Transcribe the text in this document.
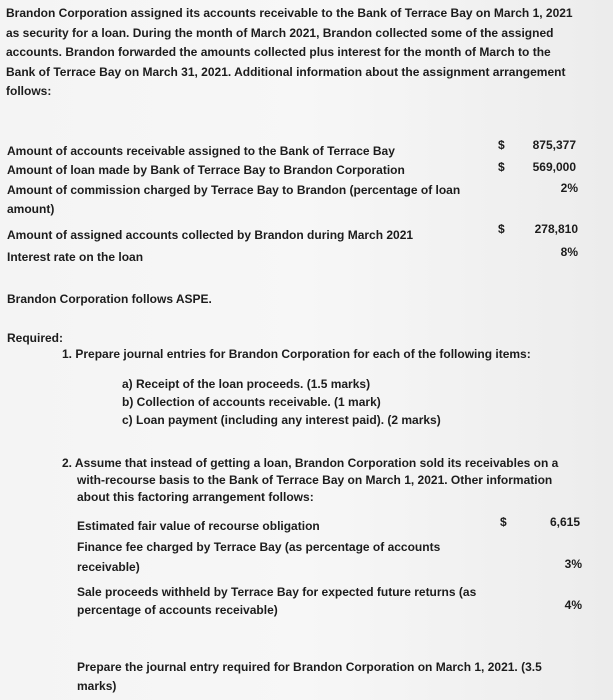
Brandon Corporation assigned its accounts receivable to the Bank of Terrace Bay on March 1, 2021
as security for a loan. During the month of March 2021, Brandon collected some of the assigned
accounts. Brandon forwarded the amounts collected plus interest for the month of March to the
Bank of Terrace Bay on March 31, 2021. Additional information about the assignment arrangement
follows:
Amount of accounts receivable assigned to the Bank of Terrace Bay	$ 875,377
Amount of loan made by Bank of Terrace Bay to Brandon Corporation	$ 569,000
Amount of commission charged by Terrace Bay to Brandon (percentage of loan
amount)
2%
Amount of assigned accounts collected by Brandon during March 2021	$ 278,810
Interest rate on the loan	8%
Brandon Corporation follows ASPE.
Required:
1. Prepare journal entries for Brandon Corporation for each of the following items:
a) Receipt of the loan proceeds. (1.5 marks)
b) Collection of accounts receivable. (1 mark)
c) Loan payment (including any interest paid). (2 marks)
2. Assume that instead of getting a loan, Brandon Corporation sold its receivables on a
with-recourse basis to the Bank of Terrace Bay on March 1, 2021. Other information
about this factoring arrangement follows:
Estimated fair value of recourse obligation	$	6,615
Finance fee charged by Terrace Bay (as percentage of accounts
receivable)	3%
Sale proceeds withheld by Terrace Bay for expected future returns (as
percentage of accounts receivable)	4%
Prepare the journal entry required for Brandon Corporation on March 1, 2021. (3.5
marks)
